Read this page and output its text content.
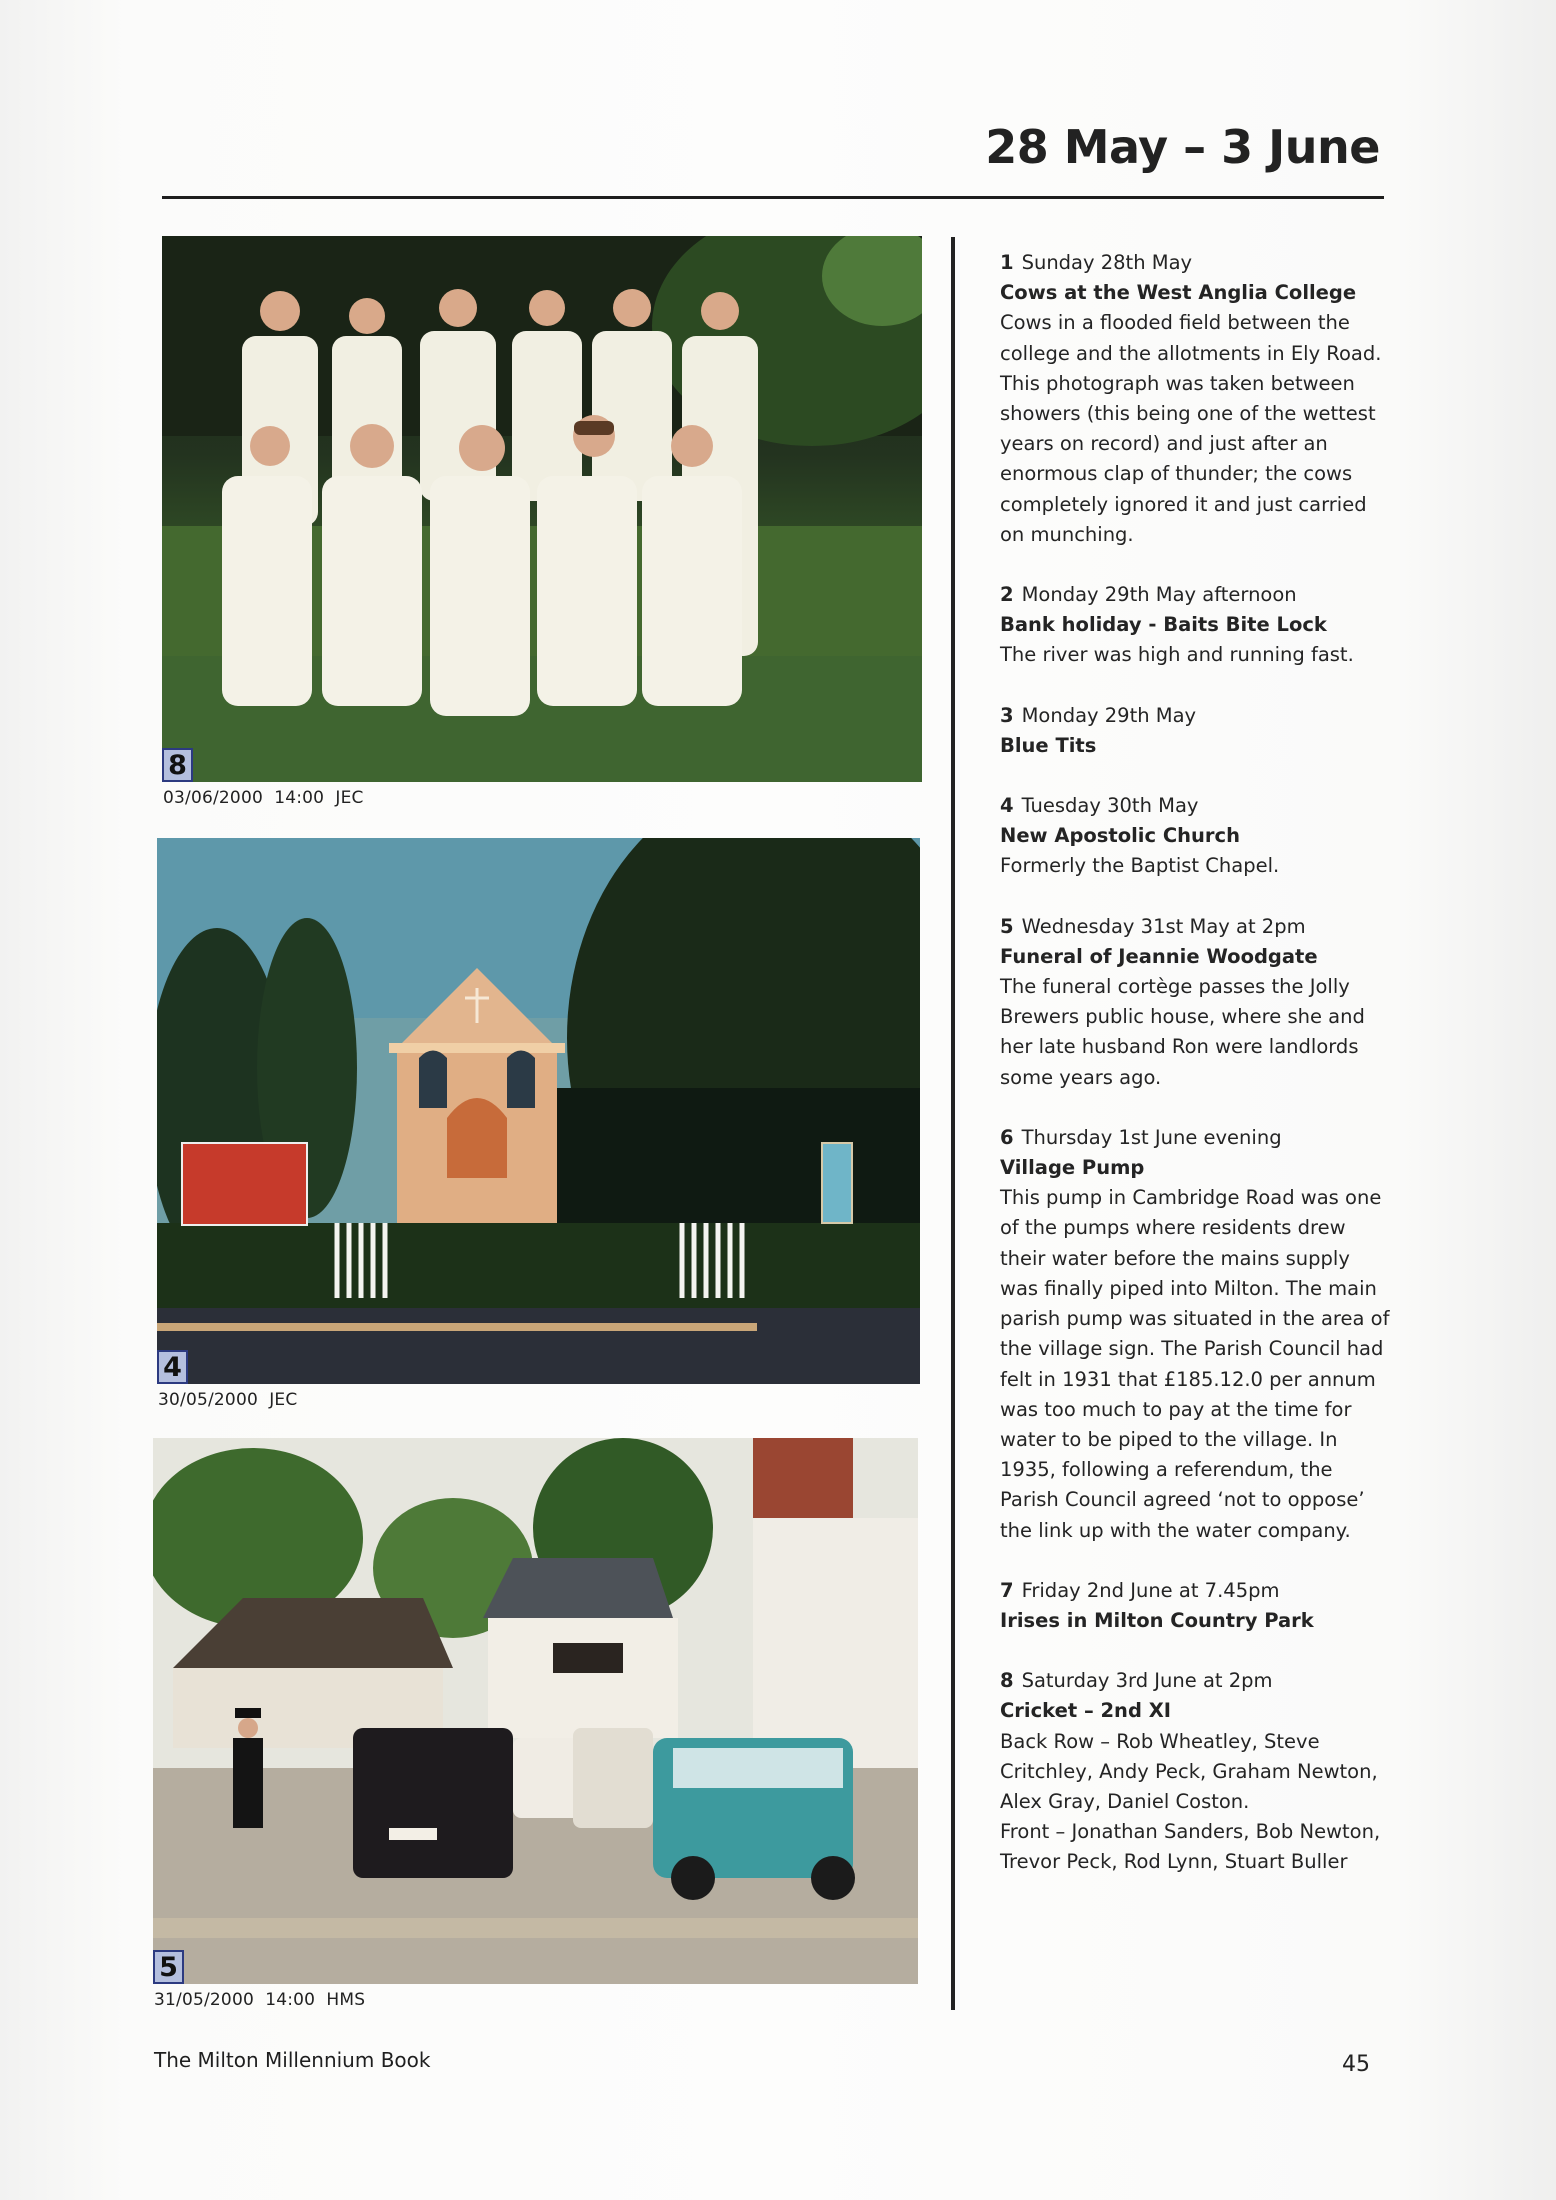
28 May – 3 June
8
03/06/2000  14:00  JEC
4
30/05/2000  JEC
5
31/05/2000  14:00  HMS
1 Sunday 28th May
Cows at the West Anglia College
Cows in a flooded field between the college and the allotments in Ely Road. This photograph was taken between showers (this being one of the wettest years on record) and just after an enormous clap of thunder; the cows completely ignored it and just carried on munching.
2 Monday 29th May afternoon
Bank holiday - Baits Bite Lock
The river was high and running fast.
3 Monday 29th May
Blue Tits
4 Tuesday 30th May
New Apostolic Church
Formerly the Baptist Chapel.
5 Wednesday 31st May at 2pm
Funeral of Jeannie Woodgate
The funeral cortège passes the Jolly Brewers public house, where she and her late husband Ron were landlords some years ago.
6 Thursday 1st June evening
Village Pump
This pump in Cambridge Road was one of the pumps where residents drew their water before the mains supply was finally piped into Milton. The main parish pump was situated in the area of the village sign. The Parish Council had felt in 1931 that £185.12.0 per annum was too much to pay at the time for water to be piped to the village. In 1935, following a referendum, the Parish Council agreed ‘not to oppose’ the link up with the water company.
7 Friday 2nd June at 7.45pm
Irises in Milton Country Park
8 Saturday 3rd June at 2pm
Cricket – 2nd XI
Back Row – Rob Wheatley, Steve Critchley, Andy Peck, Graham Newton, Alex Gray, Daniel Coston.
Front – Jonathan Sanders, Bob Newton, Trevor Peck, Rod Lynn, Stuart Buller
The Milton Millennium Book	45
